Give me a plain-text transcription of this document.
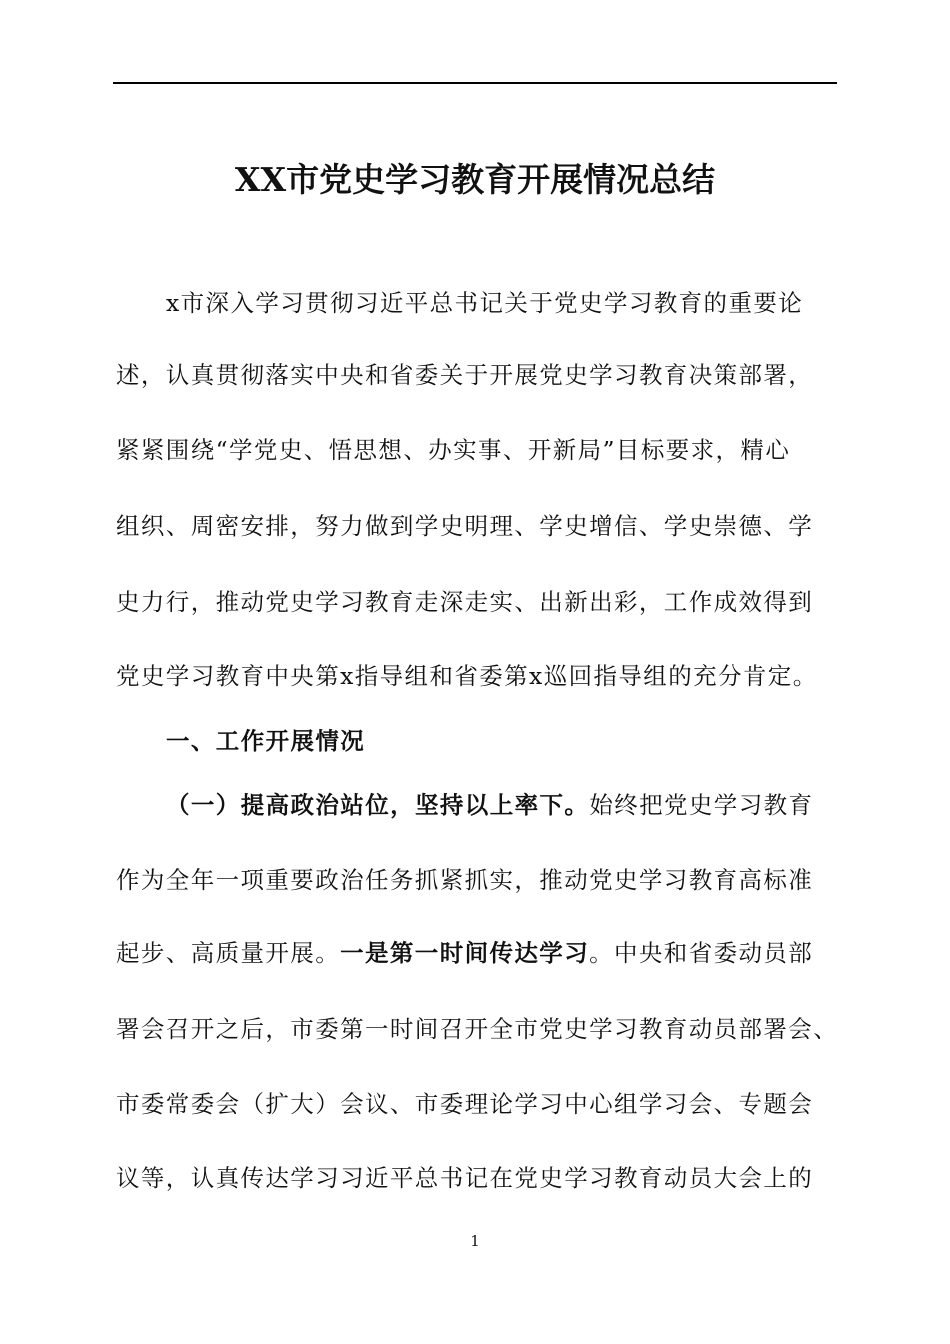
XX市党史学习教育开展情况总结
x市深入学习贯彻习近平总书记关于党史学习教育的重要论
述，认真贯彻落实中央和省委关于开展党史学习教育决策部署，
紧紧围绕“学党史、悟思想、办实事、开新局”目标要求，精心
组织、周密安排，努力做到学史明理、学史增信、学史崇德、学
史力行，推动党史学习教育走深走实、出新出彩，工作成效得到
党史学习教育中央第x指导组和省委第x巡回指导组的充分肯定。
一、工作开展情况
（一）提高政治站位，坚持以上率下。始终把党史学习教育
作为全年一项重要政治任务抓紧抓实，推动党史学习教育高标准
起步、高质量开展。一是第一时间传达学习。中央和省委动员部
署会召开之后，市委第一时间召开全市党史学习教育动员部署会、
市委常委会（扩大）会议、市委理论学习中心组学习会、专题会
议等，认真传达学习习近平总书记在党史学习教育动员大会上的
1
